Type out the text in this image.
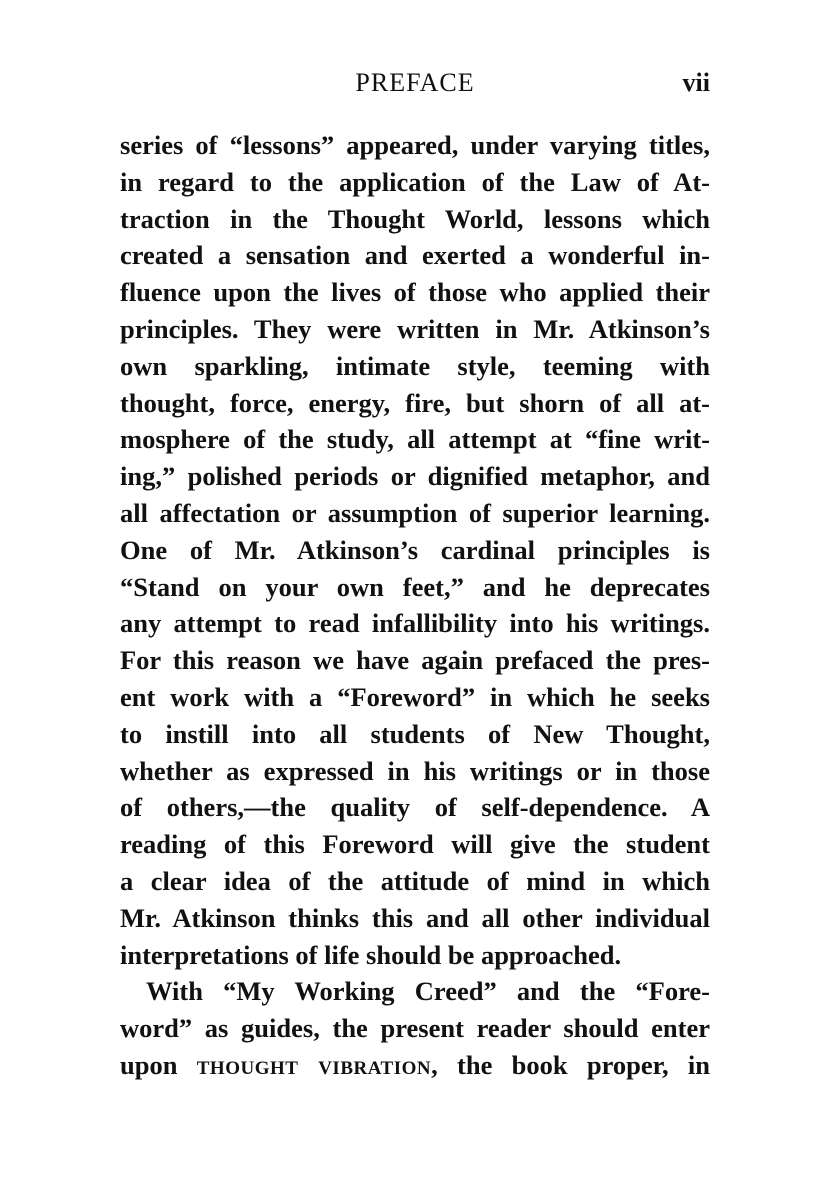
PREFACE	vii
series of “lessons” appeared, under varying titles,
in regard to the application of the Law of At-
traction in the Thought World, lessons which
created a sensation and exerted a wonderful in-
fluence upon the lives of those who applied their
principles. They were written in Mr. Atkinson’s
own sparkling, intimate style, teeming with
thought, force, energy, fire, but shorn of all at-
mosphere of the study, all attempt at “fine writ-
ing,” polished periods or dignified metaphor, and
all affectation or assumption of superior learning.
One of Mr. Atkinson’s cardinal principles is
“Stand on your own feet,” and he deprecates
any attempt to read infallibility into his writings.
For this reason we have again prefaced the pres-
ent work with a “Foreword” in which he seeks
to instill into all students of New Thought,
whether as expressed in his writings or in those
of others,—the quality of self-dependence. A
reading of this Foreword will give the student
a clear idea of the attitude of mind in which
Mr. Atkinson thinks this and all other individual
interpretations of life should be approached.
With “My Working Creed” and the “Fore-
word” as guides, the present reader should enter
upon thought vibration, the book proper, in
